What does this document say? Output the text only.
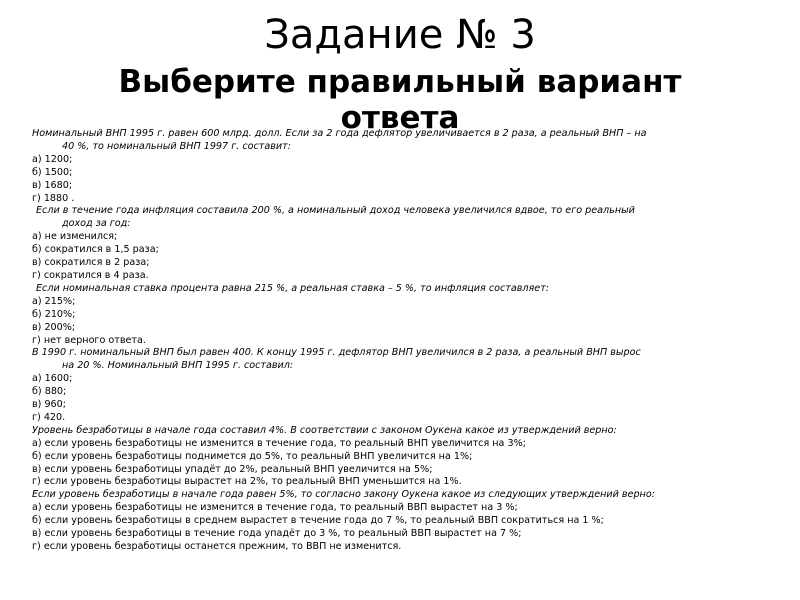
Задание № 3
Выберите правильный вариант
ответа
Номинальный ВНП 1995 г. равен 600 млрд. долл. Если за 2 года дефлятор увеличивается в 2 раза, а реальный ВНП – на
40 %, то номинальный ВНП 1997 г. составит:
а) 1200;
б) 1500;
в) 1680;
г) 1880 .
Если в течение года инфляция составила 200 %, а номинальный доход человека увеличился вдвое, то его реальный
доход за год:
а) не изменился;
б) сократился в 1,5 раза;
в) сократился в 2 раза;
г) сократился в 4 раза.
Если номинальная ставка процента равна 215 %, а реальная ставка – 5 %, то инфляция составляет:
а) 215%;
б) 210%;
в) 200%;
г) нет верного ответа.
В 1990 г. номинальный ВНП был равен 400. К концу 1995 г. дефлятор ВНП увеличился в 2 раза, а реальный ВНП вырос
на 20 %. Номинальный ВНП 1995 г. составил:
а) 1600;
б) 880;
в) 960;
г) 420.
Уровень безработицы в начале года составил 4%. В соответствии с законом Оукена какое из утверждений верно:
а) если уровень безработицы не изменится в течение года, то реальный ВНП увеличится на 3%;
б) если уровень безработицы поднимется до 5%, то реальный ВНП увеличится на 1%;
в) если уровень безработицы упадёт до 2%, реальный ВНП увеличится на 5%;
г) если уровень безработицы вырастет на 2%, то реальный ВНП уменьшится на 1%.
Если уровень безработицы в начале года равен 5%, то согласно закону Оукена какое из следующих утверждений верно:
а) если уровень безработицы не изменится в течение года, то реальный ВВП вырастет на 3 %;
б) если уровень безработицы в среднем вырастет в течение года до 7 %, то реальный ВВП сократиться на 1 %;
в) если уровень безработицы в течение года упадёт до 3 %, то реальный ВВП вырастет на 7 %;
г) если уровень безработицы останется прежним, то ВВП не изменится.
